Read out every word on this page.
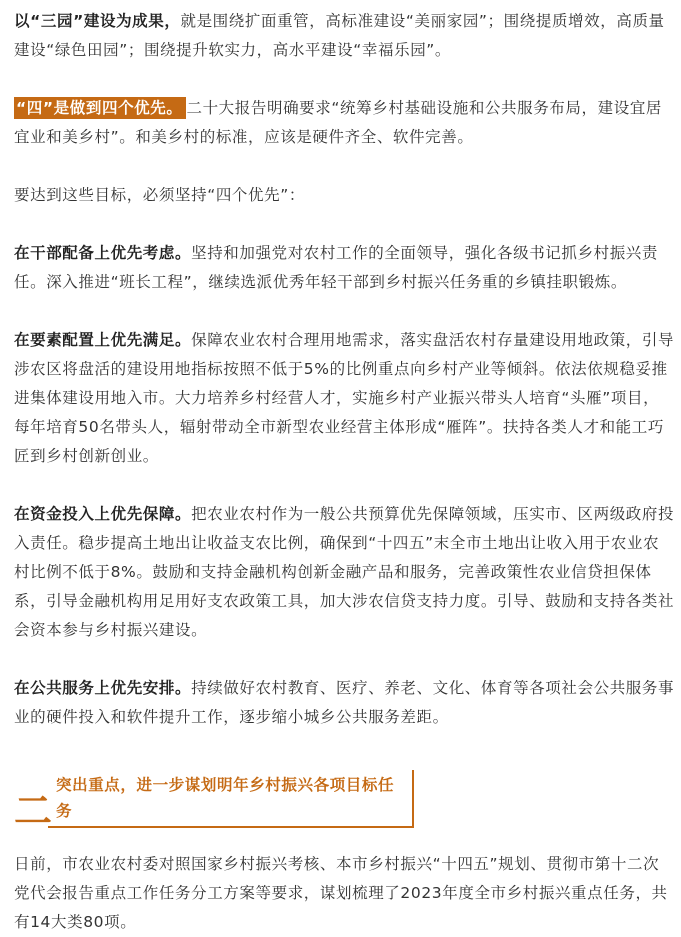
以“三园”建设为成果，就是围绕扩面重管，高标准建设“美丽家园”；围绕提质增效，高质量建设“绿色田园”；围绕提升软实力，高水平建设“幸福乐园”。

“四”是做到四个优先。 二十大报告明确要求“统筹乡村基础设施和公共服务布局，建设宜居宜业和美乡村”。和美乡村的标准，应该是硬件齐全、软件完善。

要达到这些目标，必须坚持“四个优先”：

在干部配备上优先考虑。坚持和加强党对农村工作的全面领导，强化各级书记抓乡村振兴责任。深入推进“班长工程”，继续选派优秀年轻干部到乡村振兴任务重的乡镇挂职锻炼。

在要素配置上优先满足。保障农业农村合理用地需求，落实盘活农村存量建设用地政策，引导涉农区将盘活的建设用地指标按照不低于5%的比例重点向乡村产业等倾斜。依法依规稳妥推进集体建设用地入市。大力培养乡村经营人才，实施乡村产业振兴带头人培育“头雁”项目，每年培育50名带头人，辐射带动全市新型农业经营主体形成“雁阵”。扶持各类人才和能工巧匠到乡村创新创业。

在资金投入上优先保障。把农业农村作为一般公共预算优先保障领域，压实市、区两级政府投入责任。稳步提高土地出让收益支农比例，确保到“十四五”末全市土地出让收入用于农业农村比例不低于8%。鼓励和支持金融机构创新金融产品和服务，完善政策性农业信贷担保体系，引导金融机构用足用好支农政策工具，加大涉农信贷支持力度。引导、鼓励和支持各类社会资本参与乡村振兴建设。

在公共服务上优先安排。持续做好农村教育、医疗、养老、文化、体育等各项社会公共服务事业的硬件投入和软件提升工作，逐步缩小城乡公共服务差距。

二
突出重点，进一步谋划明年乡村振兴各项目标任务

日前，市农业农村委对照国家乡村振兴考核、本市乡村振兴“十四五”规划、贯彻市第十二次党代会报告重点工作任务分工方案等要求，谋划梳理了2023年度全市乡村振兴重点任务，共有14大类80项。
